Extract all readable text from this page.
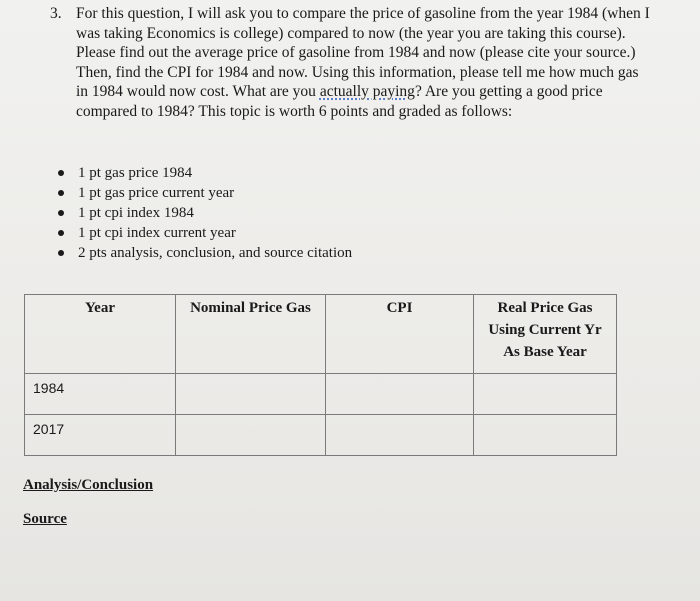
3. For this question, I will ask you to compare the price of gasoline from the year 1984 (when I was taking Economics is college) compared to now (the year you are taking this course). Please find out the average price of gasoline from 1984 and now (please cite your source.) Then, find the CPI for 1984 and now. Using this information, please tell me how much gas in 1984 would now cost. What are you actually paying? Are you getting a good price compared to 1984? This topic is worth 6 points and graded as follows:
1 pt gas price 1984
1 pt gas price current year
1 pt cpi index 1984
1 pt cpi index current year
2 pts analysis, conclusion, and source citation
Year	Nominal Price Gas	CPI	Real Price Gas
Using Current Yr
As Base Year

1984			
2017			
Analysis/Conclusion
Source
